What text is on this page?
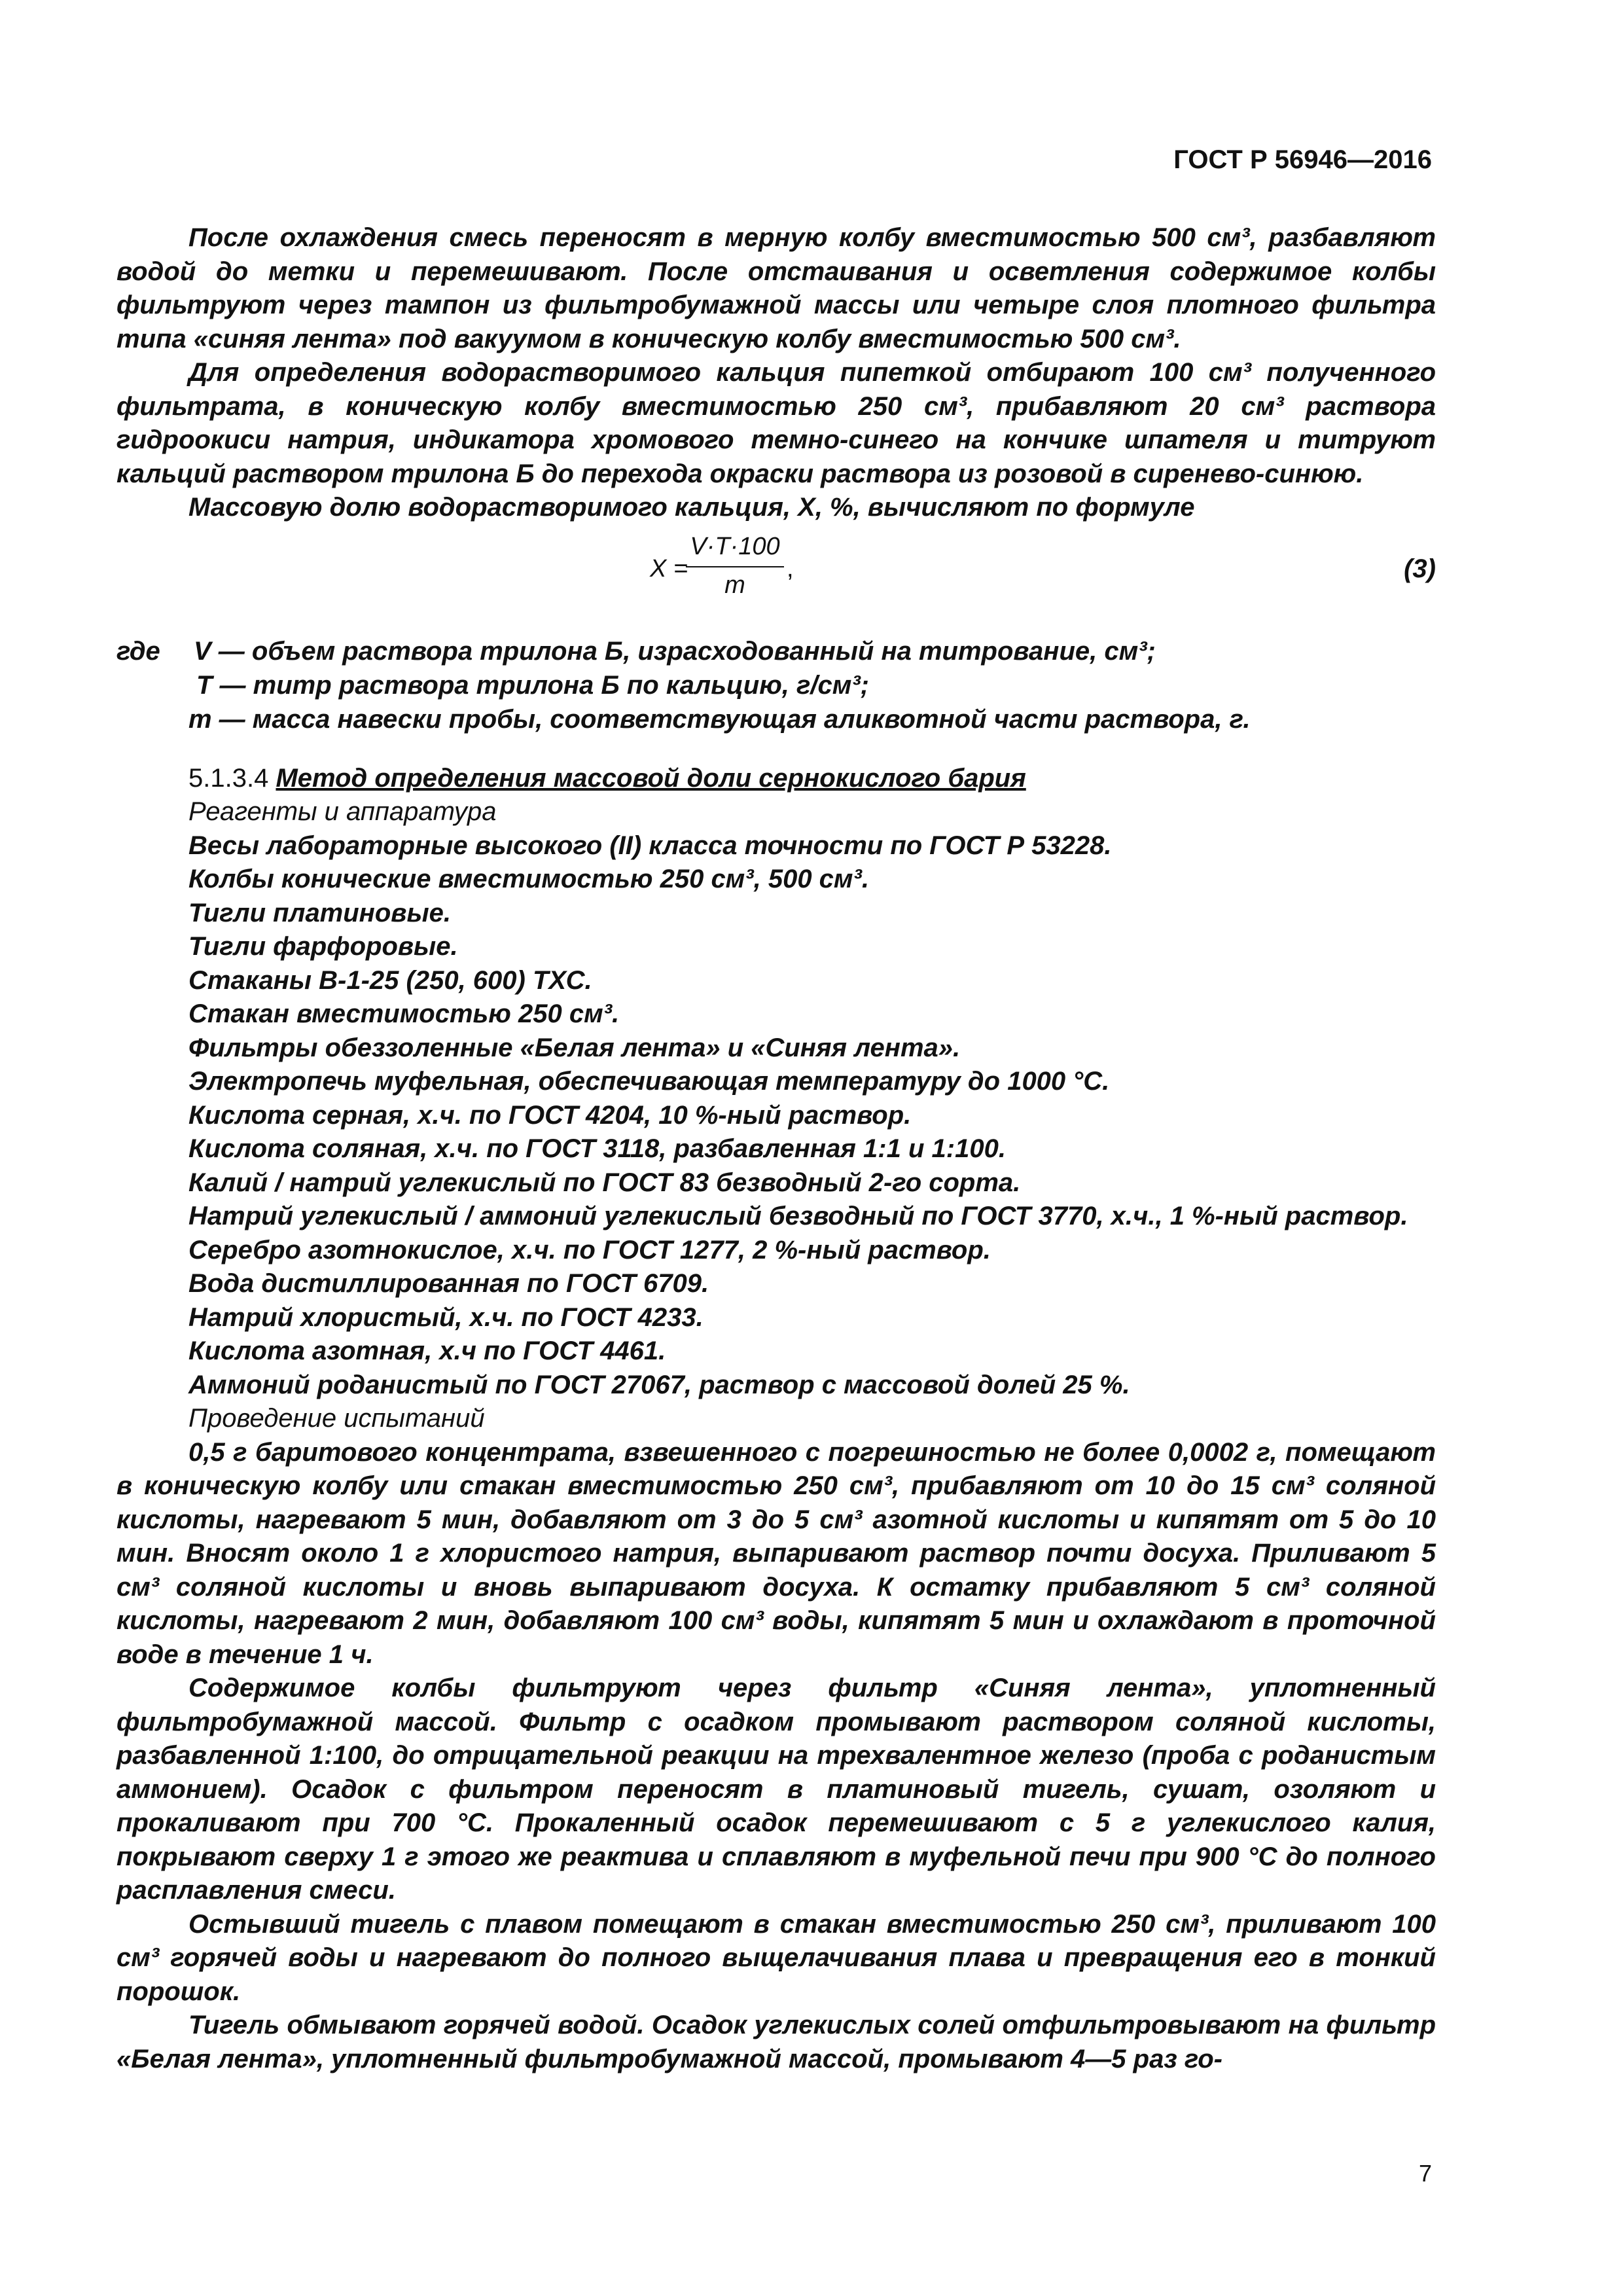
ГОСТ Р 56946—2016

После охлаждения смесь переносят в мерную колбу вместимостью 500 см³, разбавляют водой до метки и перемешивают. После отстаивания и осветления содержимое колбы фильтруют через тампон из фильтробумажной массы или четыре слоя плотного фильтра типа «синяя лента» под вакуумом в коническую колбу вместимостью 500 см³.

Для определения водорастворимого кальция пипеткой отбирают 100 см³ полученного фильтрата, в коническую колбу вместимостью 250 см³, прибавляют 20 см³ раствора гидроокиси натрия, индикатора хромового темно-синего на кончике шпателя и титруют кальций раствором трилона Б до перехода окраски раствора из розовой в сиренево-синюю.

Массовую долю водорастворимого кальция, X, %, вычисляют по формуле

X =
$\frac{V\cdot T\cdot 100}{m}$ ,	(3)
где V — объем раствора трилона Б, израсходованный на титрование, см³;
T — титр раствора трилона Б по кальцию, г/см³;
m — масса навески пробы, соответствующая аликвотной части раствора, г.

5.1.3.4 Метод определения массовой доли сернокислого бария

Реагенты и аппаратура

Весы лабораторные высокого (II) класса точности по ГОСТ Р 53228.

Колбы конические вместимостью 250 см³, 500 см³.

Тигли платиновые.

Тигли фарфоровые.

Стаканы В-1-25 (250, 600) ТХС.

Стакан вместимостью 250 см³.

Фильтры обеззоленные «Белая лента» и «Синяя лента».

Электропечь муфельная, обеспечивающая температуру до 1000 °С.

Кислота серная, х.ч. по ГОСТ 4204, 10 %-ный раствор.

Кислота соляная, х.ч. по ГОСТ 3118, разбавленная 1:1 и 1:100.

Калий / натрий углекислый по ГОСТ 83 безводный 2-го сорта.

Натрий углекислый / аммоний углекислый безводный по ГОСТ 3770, х.ч., 1 %-ный раствор.

Серебро азотнокислое, х.ч. по ГОСТ 1277, 2 %-ный раствор.

Вода дистиллированная по ГОСТ 6709.

Натрий хлористый, х.ч. по ГОСТ 4233.

Кислота азотная, х.ч по ГОСТ 4461.

Аммоний роданистый по ГОСТ 27067, раствор с массовой долей 25 %.

Проведение испытаний

0,5 г баритового концентрата, взвешенного с погрешностью не более 0,0002 г, помещают в коническую колбу или стакан вместимостью 250 см³, прибавляют от 10 до 15 см³ соляной кислоты, нагревают 5 мин, добавляют от 3 до 5 см³ азотной кислоты и кипятят от 5 до 10 мин. Вносят около 1 г хлористого натрия, выпаривают раствор почти досуха. Приливают 5 см³ соляной кислоты и вновь выпаривают досуха. К остатку прибавляют 5 см³ соляной кислоты, нагревают 2 мин, добавляют 100 см³ воды, кипятят 5 мин и охлаждают в проточной воде в течение 1 ч.

Содержимое колбы фильтруют через фильтр «Синяя лента», уплотненный фильтробумажной массой. Фильтр с осадком промывают раствором соляной кислоты, разбавленной 1:100, до отрицательной реакции на трехвалентное железо (проба с роданистым аммонием). Осадок с фильтром переносят в платиновый тигель, сушат, озоляют и прокаливают при 700 °С. Прокаленный осадок перемешивают с 5 г углекислого калия, покрывают сверху 1 г этого же реактива и сплавляют в муфельной печи при 900 °С до полного расплавления смеси.

Остывший тигель с плавом помещают в стакан вместимостью 250 см³, приливают 100 см³ горячей воды и нагревают до полного выщелачивания плава и превращения его в тонкий порошок.

Тигель обмывают горячей водой. Осадок углекислых солей отфильтровывают на фильтр «Белая лента», уплотненный фильтробумажной массой, промывают 4—5 раз го-

7
